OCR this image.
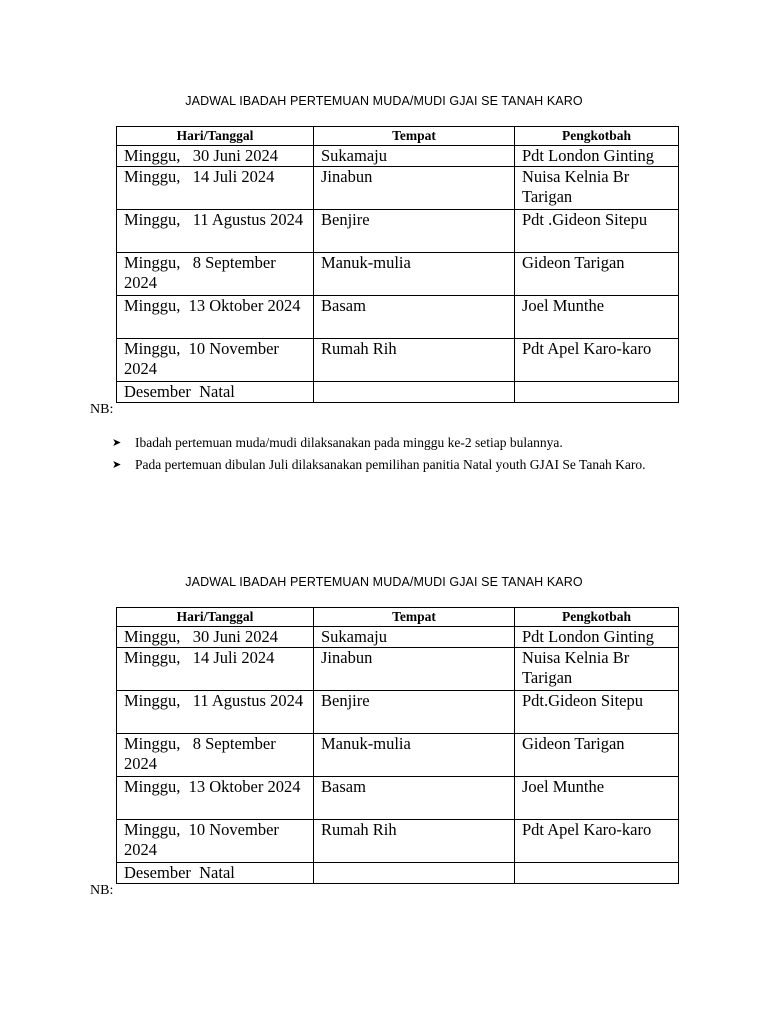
JADWAL IBADAH PERTEMUAN MUDA/MUDI GJAI SE TANAH KARO
Hari/Tanggal	Tempat	Pengkotbah
Minggu,   30 Juni 2024	Sukamaju	Pdt London Ginting
Minggu,   14 Juli 2024	Jinabun	Nuisa Kelnia Br Tarigan
Minggu,   11 Agustus 2024	Benjire	Pdt .Gideon Sitepu
Minggu,   8 September 2024	Manuk-mulia	Gideon Tarigan
Minggu,  13 Oktober 2024	Basam	Joel Munthe
Minggu,  10 November 2024	Rumah Rih	Pdt Apel Karo-karo
Desember  Natal		
NB:
➤ Ibadah pertemuan muda/mudi dilaksanakan pada minggu ke-2 setiap bulannya.
➤ Pada pertemuan dibulan Juli dilaksanakan pemilihan panitia Natal youth GJAI Se Tanah Karo.
JADWAL IBADAH PERTEMUAN MUDA/MUDI GJAI SE TANAH KARO
Hari/Tanggal	Tempat	Pengkotbah
Minggu,   30 Juni 2024	Sukamaju	Pdt London Ginting
Minggu,   14 Juli 2024	Jinabun	Nuisa Kelnia Br Tarigan
Minggu,   11 Agustus 2024	Benjire	Pdt.Gideon Sitepu
Minggu,   8 September 2024	Manuk-mulia	Gideon Tarigan
Minggu,  13 Oktober 2024	Basam	Joel Munthe
Minggu,  10 November 2024	Rumah Rih	Pdt Apel Karo-karo
Desember  Natal		
NB:
